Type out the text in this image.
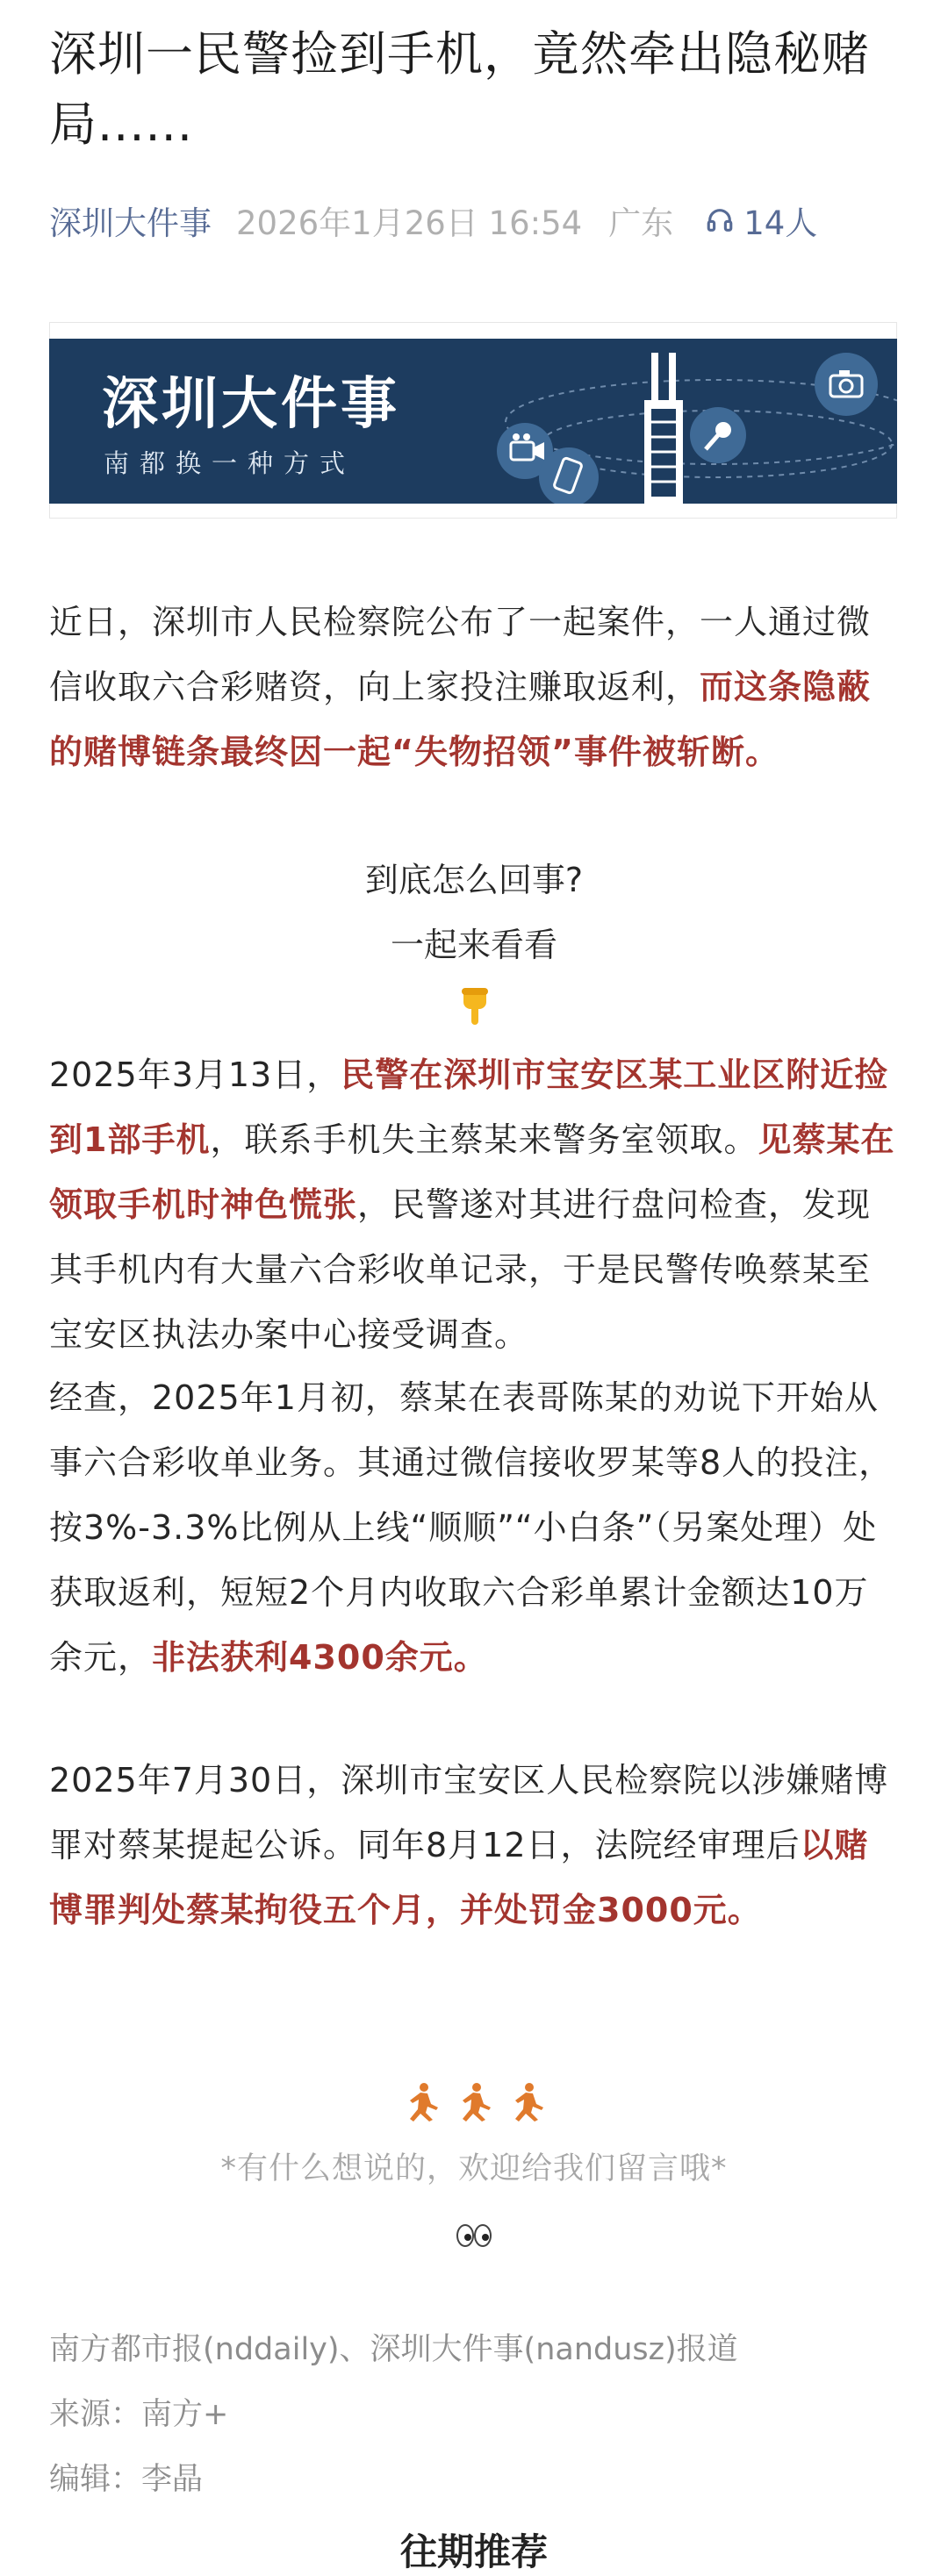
深圳一民警捡到手机，竟然牵出隐秘赌局......
深圳大件事 2026年1月26日 16:54 广东 14人
深圳大件事
南都换一种方式

近日，深圳市人民检察院公布了一起案件，一人通过微信收取六合彩赌资，向上家投注赚取返利，而这条隐蔽的赌博链条最终因一起“失物招领”事件被斩断。

到底怎么回事?

一起来看看

2025年3月13日，民警在深圳市宝安区某工业区附近捡到1部手机，联系手机失主蔡某来警务室领取。见蔡某在领取手机时神色慌张，民警遂对其进行盘问检查，发现其手机内有大量六合彩收单记录，于是民警传唤蔡某至宝安区执法办案中心接受调查。

经查，2025年1月初，蔡某在表哥陈某的劝说下开始从事六合彩收单业务。其通过微信接收罗某等8人的投注，按3%-3.3%比例从上线“顺顺”“小白条”（另案处理）处获取返利，短短2个月内收取六合彩单累计金额达10万余元，非法获利4300余元。

2025年7月30日，深圳市宝安区人民检察院以涉嫌赌博罪对蔡某提起公诉。同年8月12日，法院经审理后以赌博罪判处蔡某拘役五个月，并处罚金3000元。

*有什么想说的，欢迎给我们留言哦*

南方都市报(nddaily)、深圳大件事(nandusz)报道

来源：南方+

编辑：李晶

往期推荐
